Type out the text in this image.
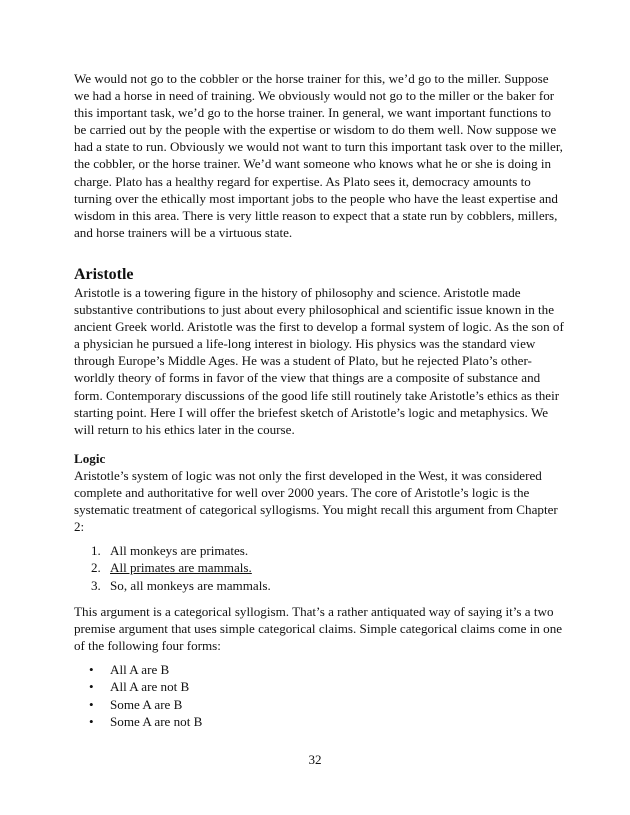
We would not go to the cobbler or the horse trainer for this, we’d go to the miller. Suppose we had a horse in need of training. We obviously would not go to the miller or the baker for this important task, we’d go to the horse trainer. In general, we want important functions to be carried out by the people with the expertise or wisdom to do them well. Now suppose we had a state to run. Obviously we would not want to turn this important task over to the miller, the cobbler, or the horse trainer. We’d want someone who knows what he or she is doing in charge. Plato has a healthy regard for expertise. As Plato sees it, democracy amounts to turning over the ethically most important jobs to the people who have the least expertise and wisdom in this area. There is very little reason to expect that a state run by cobblers, millers, and horse trainers will be a virtuous state.

Aristotle

Aristotle is a towering figure in the history of philosophy and science. Aristotle made substantive contributions to just about every philosophical and scientific issue known in the ancient Greek world. Aristotle was the first to develop a formal system of logic. As the son of a physician he pursued a life-long interest in biology. His physics was the standard view through Europe’s Middle Ages. He was a student of Plato, but he rejected Plato’s other-worldly theory of forms in favor of the view that things are a composite of substance and form. Contemporary discussions of the good life still routinely take Aristotle’s ethics as their starting point. Here I will offer the briefest sketch of Aristotle’s logic and metaphysics. We will return to his ethics later in the course.

Logic

Aristotle’s system of logic was not only the first developed in the West, it was considered complete and authoritative for well over 2000 years. The core of Aristotle’s logic is the systematic treatment of categorical syllogisms. You might recall this argument from Chapter 2:

1. All monkeys are primates.
2. All primates are mammals.
3. So, all monkeys are mammals.

This argument is a categorical syllogism. That’s a rather antiquated way of saying it’s a two premise argument that uses simple categorical claims. Simple categorical claims come in one of the following four forms:

• All A are B
• All A are not B
• Some A are B
• Some A are not B
32
